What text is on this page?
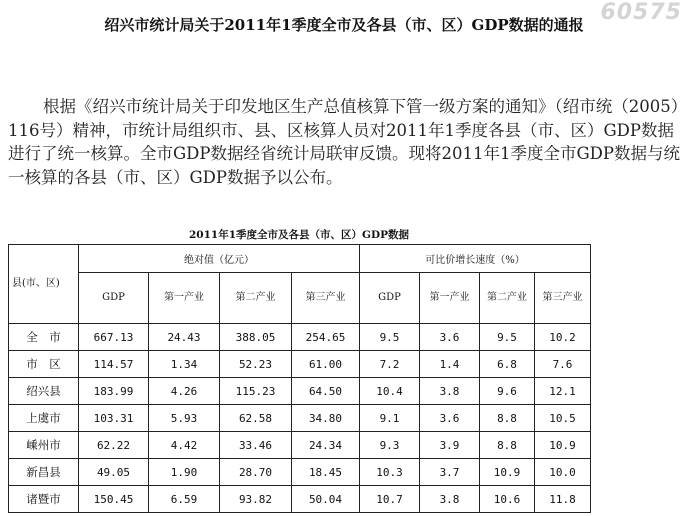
60575
绍兴市统计局关于2011年1季度全市及各县（市、区）GDP数据的通报

根据《绍兴市统计局关于印发地区生产总值核算下管一级方案的通知》（绍市统（2005）116号）精神，市统计局组织市、县、区核算人员对2011年1季度各县（市、区）GDP数据进行了统一核算。全市GDP数据经省统计局联审反馈。现将2011年1季度全市GDP数据与统一核算的各县（市、区）GDP数据予以公布。

2011年1季度全市及各县（市、区）GDP数据
县(市、区)	绝对值（亿元）				可比价增长速度（%）			
	GDP	第一产业	第二产业	第三产业	GDP	第一产业	第二产业	第三产业
全　市	667.13	24.43	388.05	254.65	9.5	3.6	9.5	10.2
市　区	114.57	1.34	52.23	61.00	7.2	1.4	6.8	7.6
绍兴县	183.99	4.26	115.23	64.50	10.4	3.8	9.6	12.1
上虞市	103.31	5.93	62.58	34.80	9.1	3.6	8.8	10.5
嵊州市	62.22	4.42	33.46	24.34	9.3	3.9	8.8	10.9
新昌县	49.05	1.90	28.70	18.45	10.3	3.7	10.9	10.0
诸暨市	150.45	6.59	93.82	50.04	10.7	3.8	10.6	11.8
